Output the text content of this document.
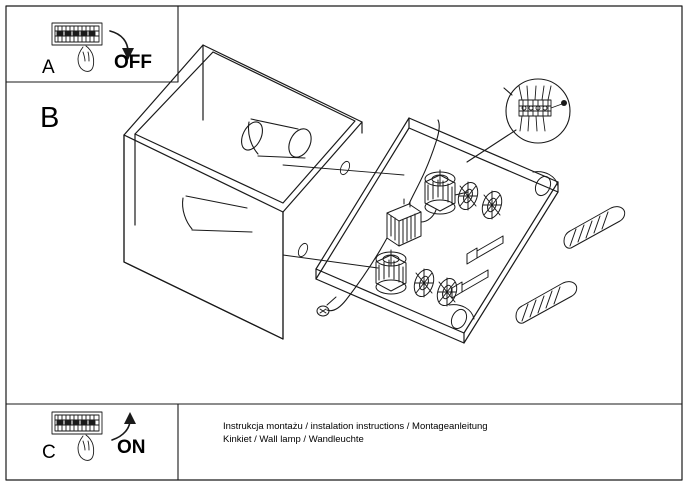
A	OFF
B
C	ON
Instrukcja montażu / instalation instructions / Montageanleitung
Kinkiet / Wall lamp / Wandleuchte
